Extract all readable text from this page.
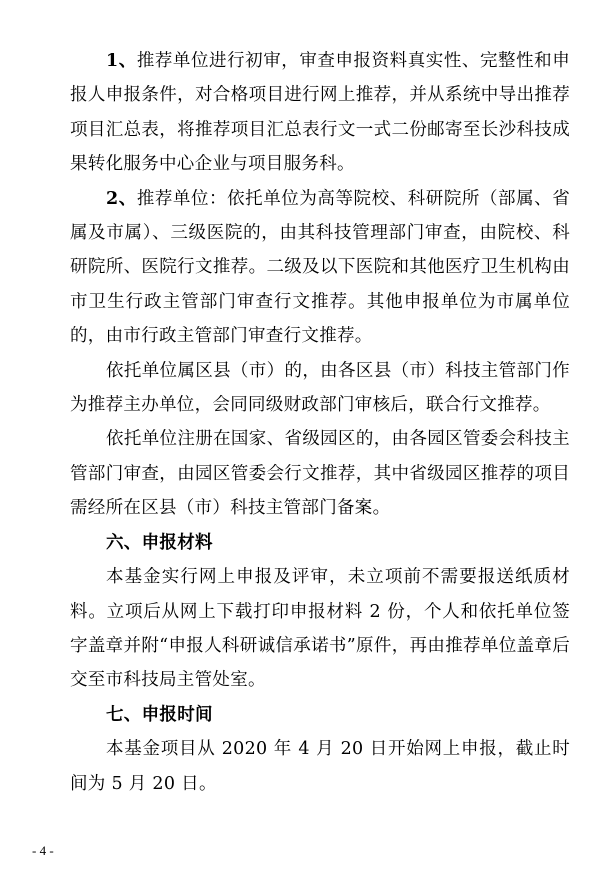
1、推荐单位进行初审，审查申报资料真实性、完整性和申报人申报条件，对合格项目进行网上推荐，并从系统中导出推荐项目汇总表，将推荐项目汇总表行文一式二份邮寄至长沙科技成果转化服务中心企业与项目服务科。

2、推荐单位：依托单位为高等院校、科研院所（部属、省属及市属）、三级医院的，由其科技管理部门审查，由院校、科研院所、医院行文推荐。二级及以下医院和其他医疗卫生机构由市卫生行政主管部门审查行文推荐。其他申报单位为市属单位的，由市行政主管部门审查行文推荐。

依托单位属区县（市）的，由各区县（市）科技主管部门作为推荐主办单位，会同同级财政部门审核后，联合行文推荐。

依托单位注册在国家、省级园区的，由各园区管委会科技主管部门审查，由园区管委会行文推荐，其中省级园区推荐的项目需经所在区县（市）科技主管部门备案。

六、申报材料

本基金实行网上申报及评审，未立项前不需要报送纸质材料。立项后从网上下载打印申报材料 2 份，个人和依托单位签字盖章并附“申报人科研诚信承诺书”原件，再由推荐单位盖章后交至市科技局主管处室。

七、申报时间

本基金项目从 2020 年 4 月 20 日开始网上申报，截止时间为 5 月 20 日。

- 4 -
